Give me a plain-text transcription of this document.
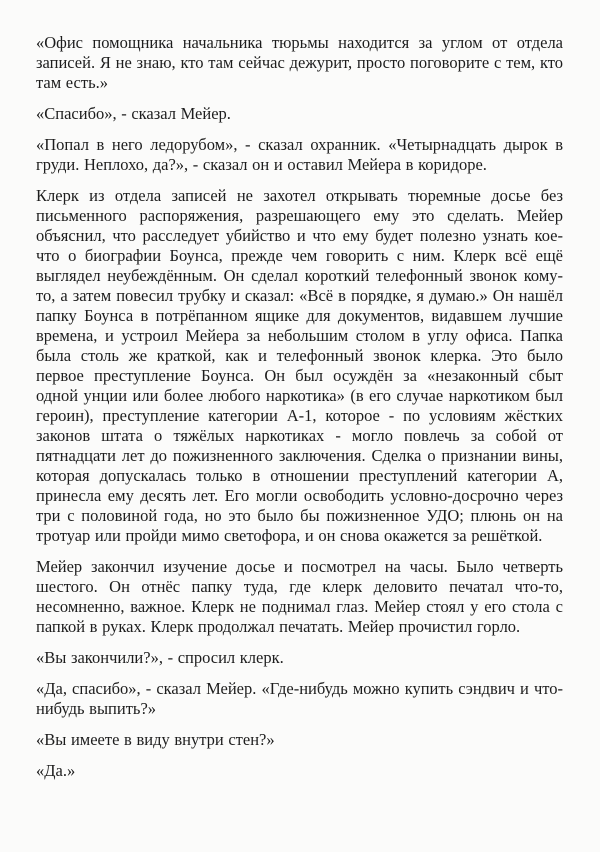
«Офис помощника начальника тюрьмы находится за углом от отдела записей. Я не знаю, кто там сейчас дежурит, просто поговорите с тем, кто там есть.»

«Спасибо», - сказал Мейер.

«Попал в него ледорубом», - сказал охранник. «Четырнадцать дырок в груди. Неплохо, да?», - сказал он и оставил Мейера в коридоре.

Клерк из отдела записей не захотел открывать тюремные досье без письменного распоряжения, разрешающего ему это сделать. Мейер объяснил, что расследует убийство и что ему будет полезно узнать кое-что о биографии Боунса, прежде чем говорить с ним. Клерк всё ещё выглядел неубеждённым. Он сделал короткий телефонный звонок кому-то, а затем повесил трубку и сказал: «Всё в порядке, я думаю.» Он нашёл папку Боунса в потрёпанном ящике для документов, видавшем лучшие времена, и устроил Мейера за небольшим столом в углу офиса. Папка была столь же краткой, как и телефонный звонок клерка. Это было первое преступление Боунса. Он был осуждён за «незаконный сбыт одной унции или более любого наркотика» (в его случае наркотиком был героин), преступление категории А-1, которое - по условиям жёстких законов штата о тяжёлых наркотиках - могло повлечь за собой от пятнадцати лет до пожизненного заключения. Сделка о признании вины, которая допускалась только в отношении преступлений категории А, принесла ему десять лет. Его могли освободить условно-досрочно через три с половиной года, но это было бы пожизненное УДО; плюнь он на тротуар или пройди мимо светофора, и он снова окажется за решёткой.

Мейер закончил изучение досье и посмотрел на часы. Было четверть шестого. Он отнёс папку туда, где клерк деловито печатал что-то, несомненно, важное. Клерк не поднимал глаз. Мейер стоял у его стола с папкой в руках. Клерк продолжал печатать. Мейер прочистил горло.

«Вы закончили?», - спросил клерк.

«Да, спасибо», - сказал Мейер. «Где-нибудь можно купить сэндвич и что-нибудь выпить?»

«Вы имеете в виду внутри стен?»

«Да.»
